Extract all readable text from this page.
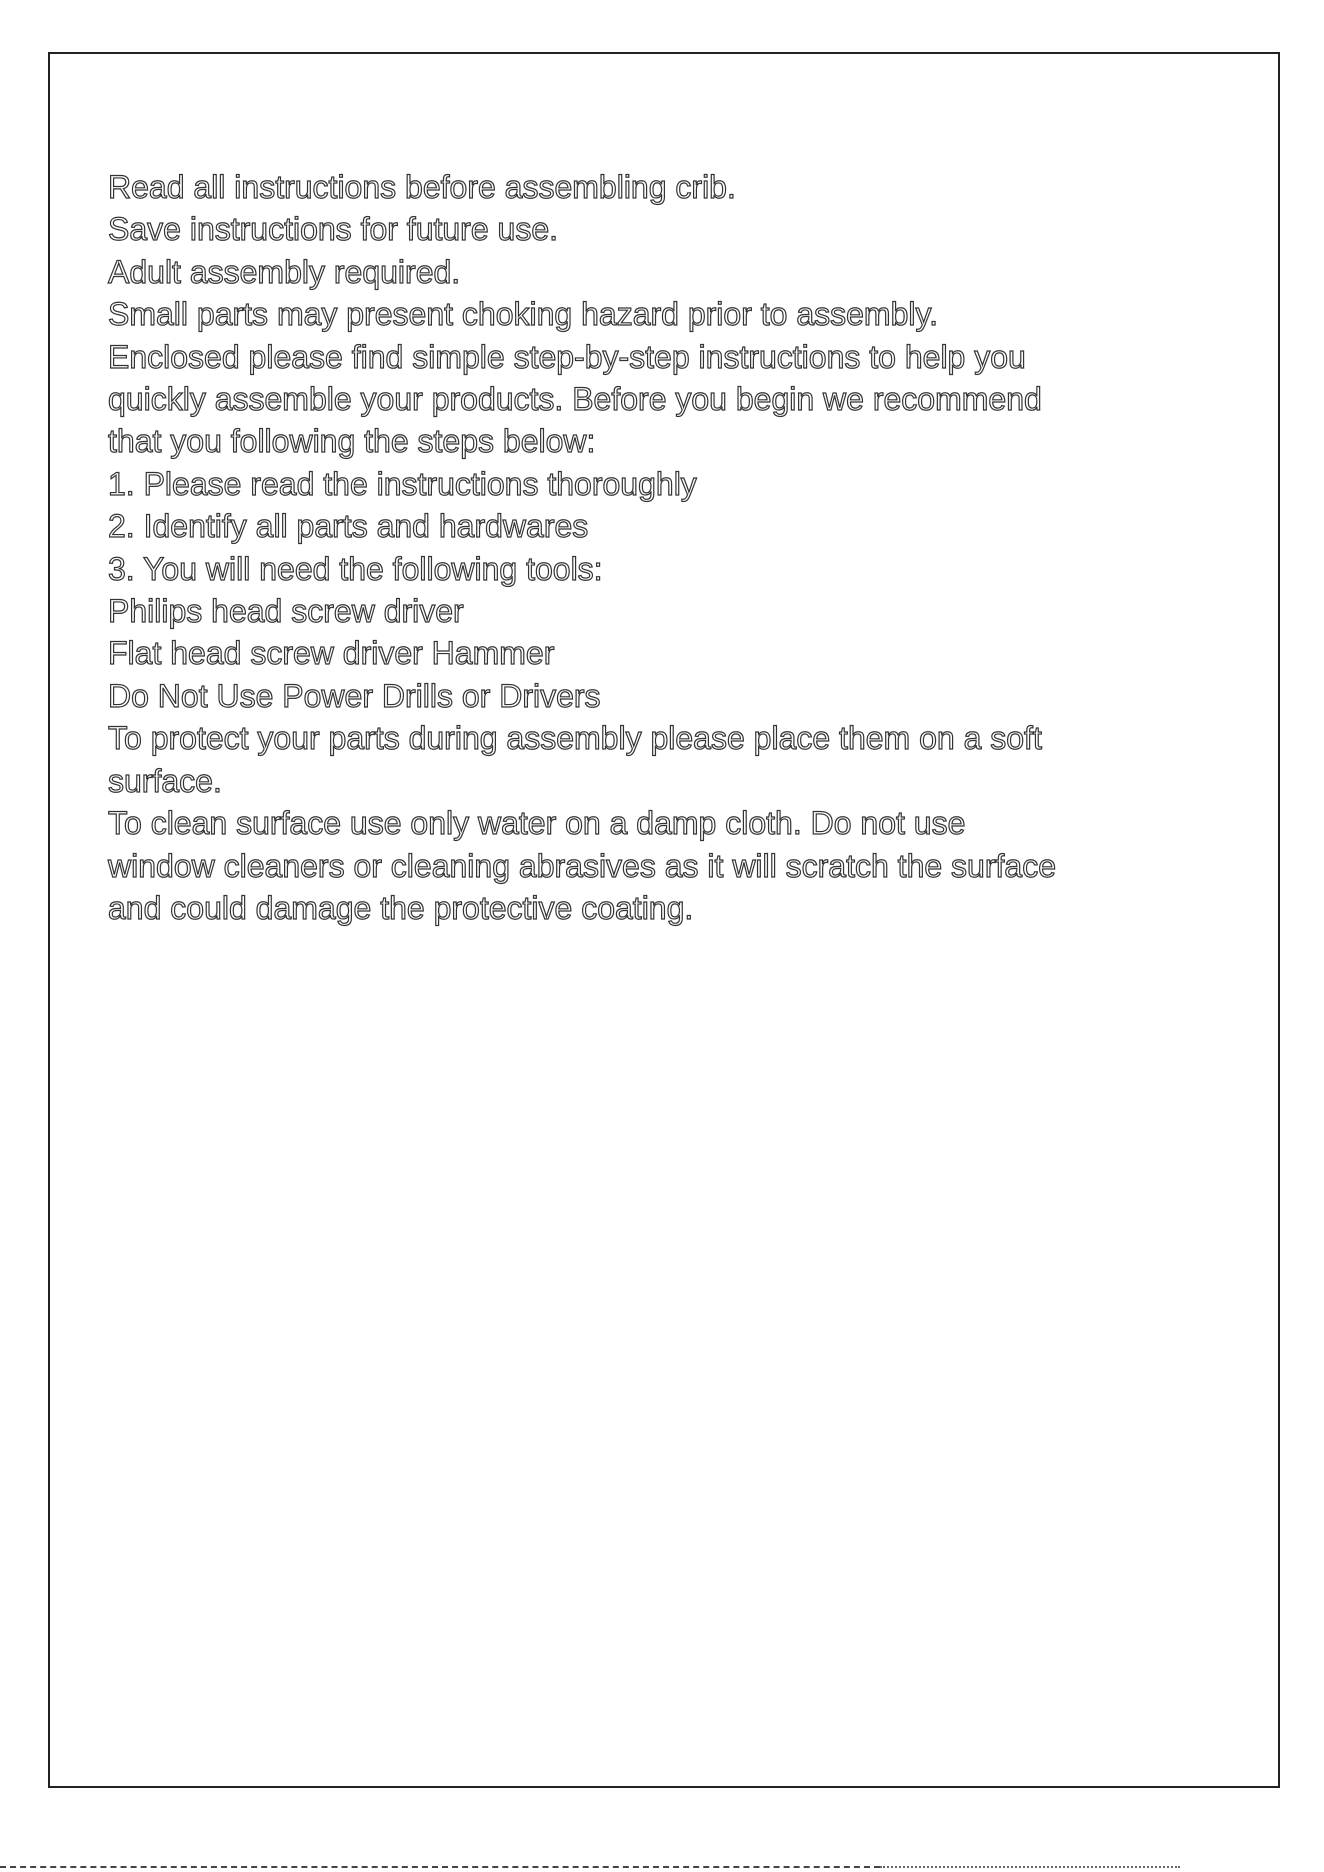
Read all instructions before assembling crib.
Save instructions for future use.
Adult assembly required.
Small parts may present choking hazard prior to assembly.
Enclosed please find simple step-by-step instructions to help you
quickly assemble your products. Before you begin we recommend
that you following the steps below:
1. Please read the instructions thoroughly
2. Identify all parts and hardwares
3. You will need the following tools:
Philips head screw driver
Flat head screw driver Hammer
Do Not Use Power Drills or Drivers
To protect your parts during assembly please place them on a soft
surface.
To clean surface use only water on a damp cloth. Do not use
window cleaners or cleaning abrasives as it will scratch the surface
and could damage the protective coating.
